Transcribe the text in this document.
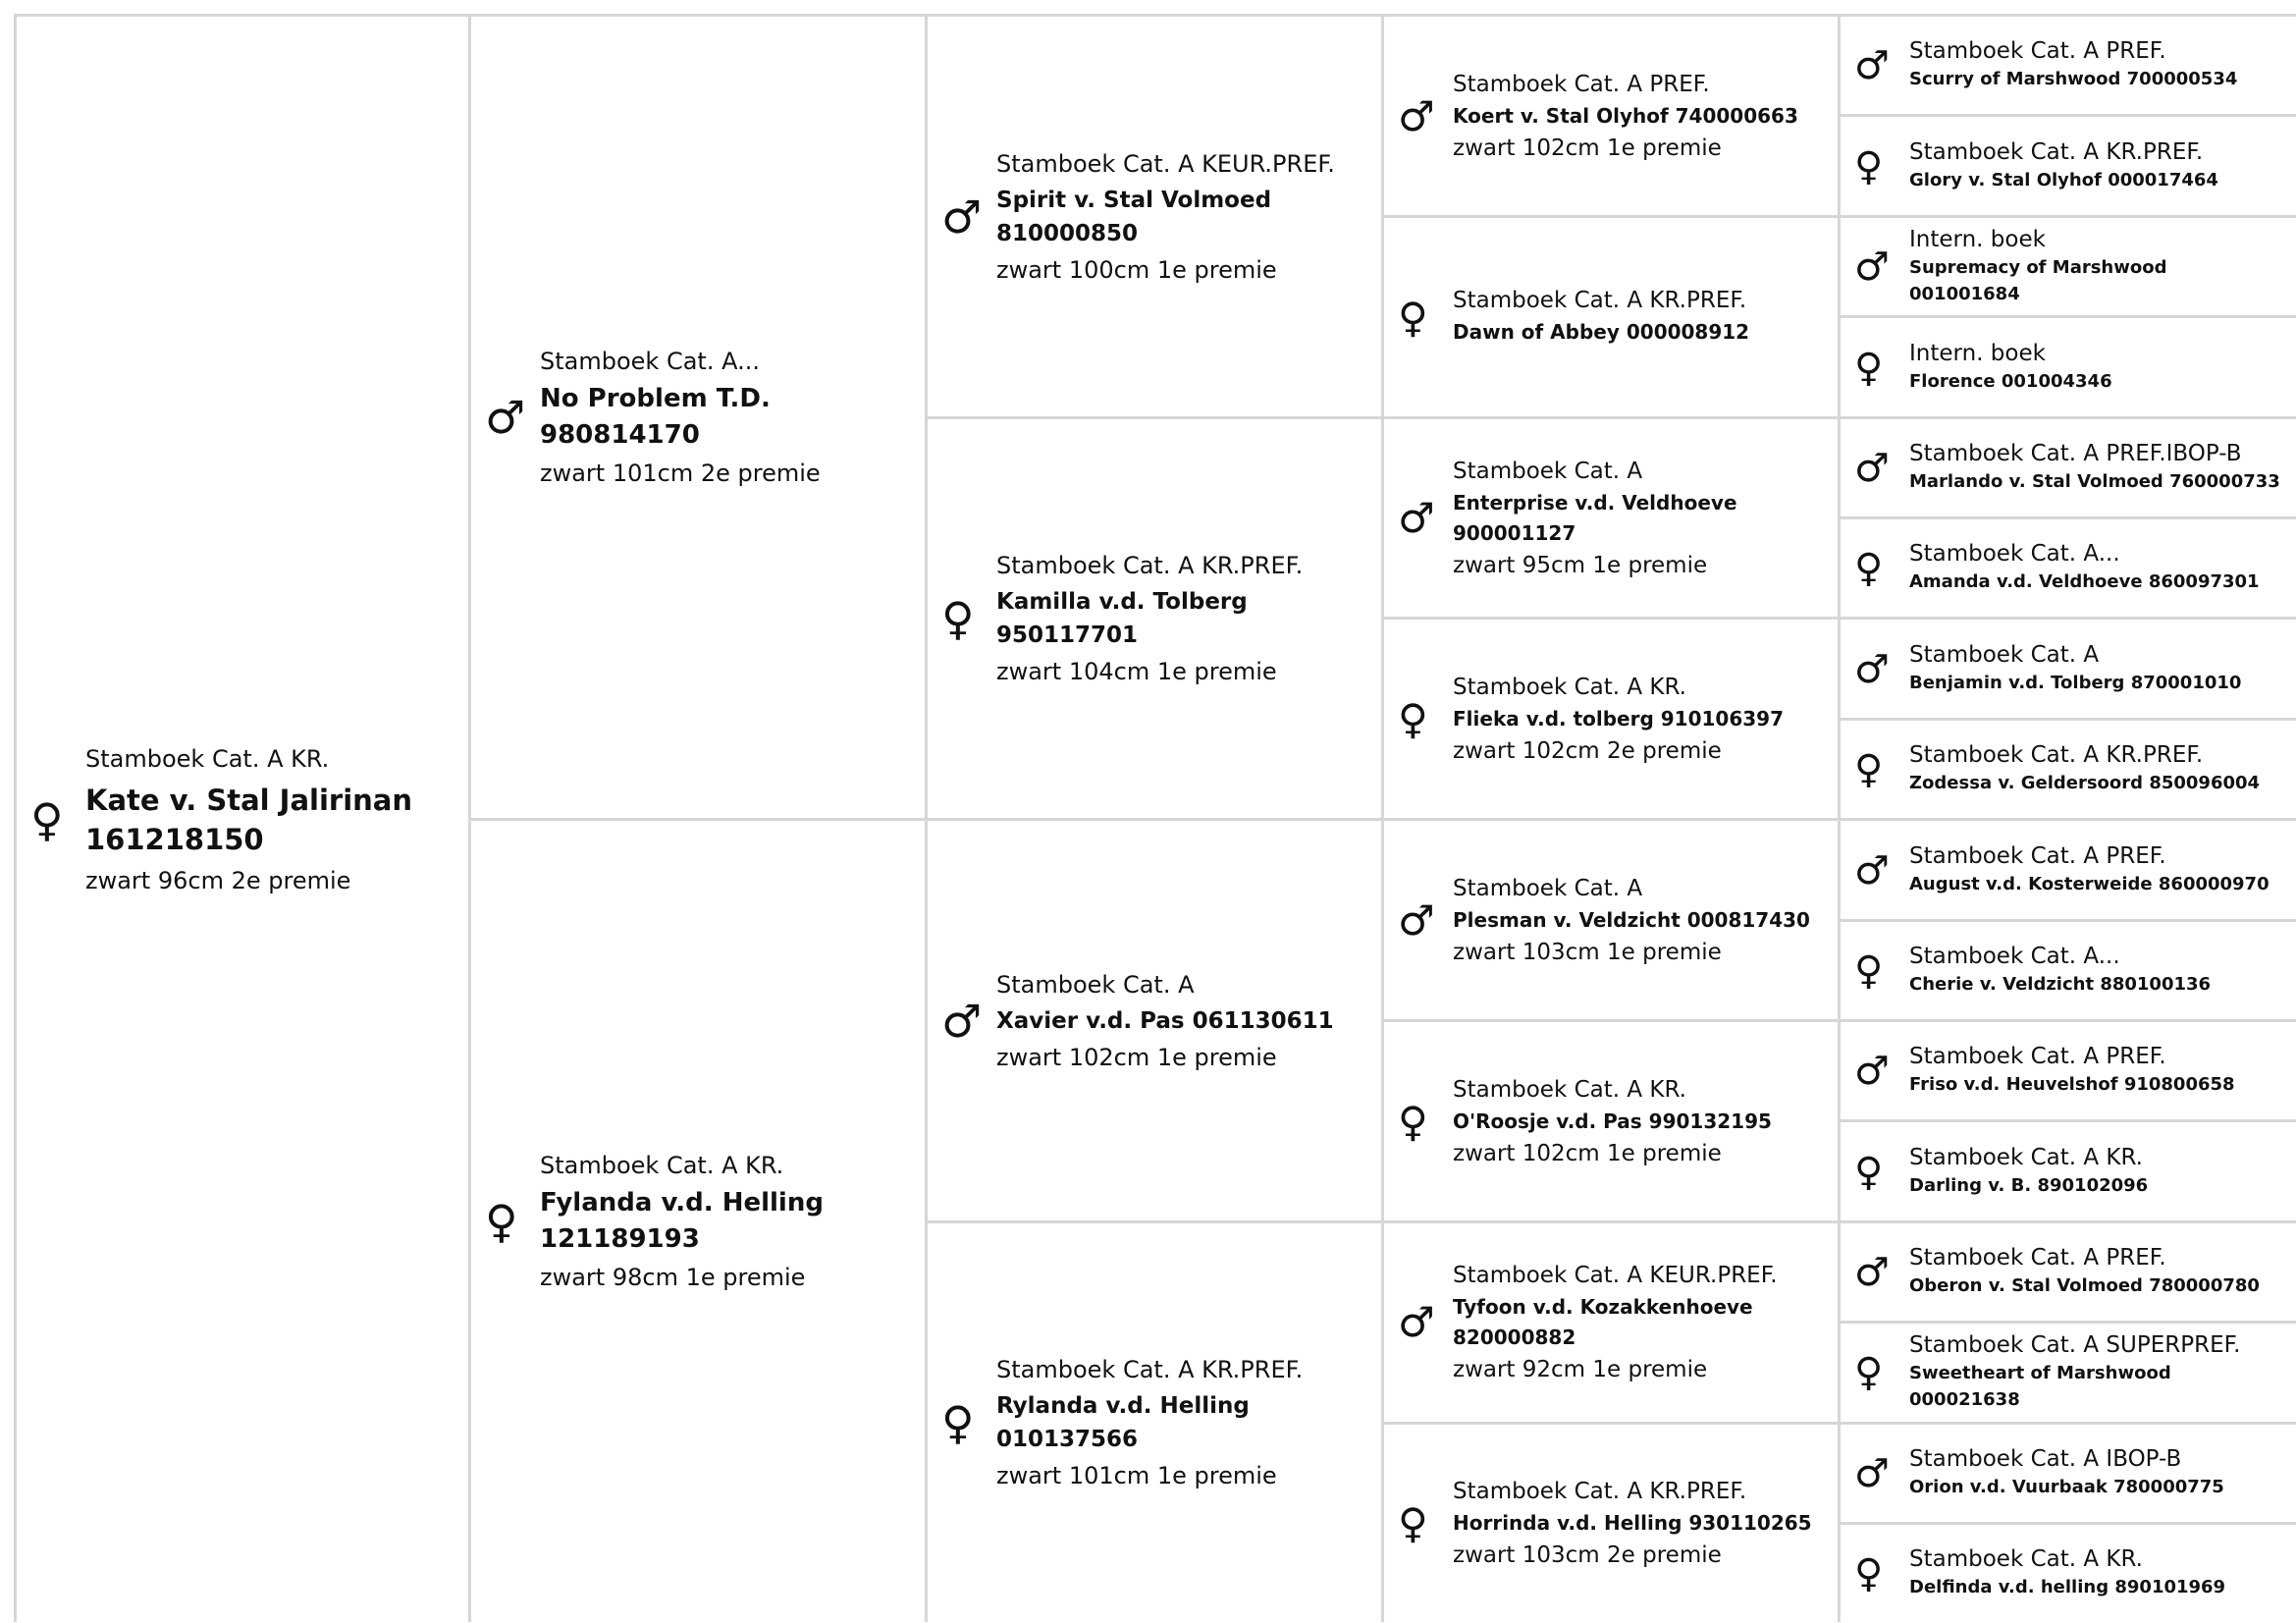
♀
Stamboek Cat. A KR.
Kate v. Stal Jalirinan 161218150
zwart 96cm 2e premie
♂
Stamboek Cat. A...
No Problem T.D. 980814170
zwart 101cm 2e premie
♀
Stamboek Cat. A KR.
Fylanda v.d. Helling 121189193
zwart 98cm 1e premie
♂
Stamboek Cat. A KEUR.PREF.
Spirit v. Stal Volmoed 810000850
zwart 100cm 1e premie
♀
Stamboek Cat. A KR.PREF.
Kamilla v.d. Tolberg 950117701
zwart 104cm 1e premie
♂
Stamboek Cat. A
Xavier v.d. Pas 061130611
zwart 102cm 1e premie
♀
Stamboek Cat. A KR.PREF.
Rylanda v.d. Helling 010137566
zwart 101cm 1e premie
♂
Stamboek Cat. A PREF.
Koert v. Stal Olyhof 740000663
zwart 102cm 1e premie
♀ Stamboek Cat. A KR.PREF.
Dawn of Abbey 000008912
♂
Stamboek Cat. A
Enterprise v.d. Veldhoeve 900001127
zwart 95cm 1e premie
♀
Stamboek Cat. A KR.
Flieka v.d. tolberg 910106397
zwart 102cm 2e premie
♂
Stamboek Cat. A
Plesman v. Veldzicht 000817430
zwart 103cm 1e premie
♀
Stamboek Cat. A KR.
O'Roosje v.d. Pas 990132195
zwart 102cm 1e premie
♂
Stamboek Cat. A KEUR.PREF.
Tyfoon v.d. Kozakkenhoeve 820000882
zwart 92cm 1e premie
♀
Stamboek Cat. A KR.PREF.
Horrinda v.d. Helling 930110265
zwart 103cm 2e premie
♂ Stamboek Cat. A PREF.
Scurry of Marshwood 700000534
♀ Stamboek Cat. A KR.PREF.
Glory v. Stal Olyhof 000017464
♂
Intern. boek
Supremacy of Marshwood 001001684
♀ Intern. boek
Florence 001004346
♂ Stamboek Cat. A PREF.IBOP-B
Marlando v. Stal Volmoed 760000733
♀ Stamboek Cat. A...
Amanda v.d. Veldhoeve 860097301
♂ Stamboek Cat. A
Benjamin v.d. Tolberg 870001010
♀ Stamboek Cat. A KR.PREF.
Zodessa v. Geldersoord 850096004
♂ Stamboek Cat. A PREF.
August v.d. Kosterweide 860000970
♀ Stamboek Cat. A...
Cherie v. Veldzicht 880100136
♂ Stamboek Cat. A PREF.
Friso v.d. Heuvelshof 910800658
♀ Stamboek Cat. A KR.
Darling v. B. 890102096
♂ Stamboek Cat. A PREF.
Oberon v. Stal Volmoed 780000780
♀
Stamboek Cat. A SUPERPREF.
Sweetheart of Marshwood 000021638
♂ Stamboek Cat. A IBOP-B
Orion v.d. Vuurbaak 780000775
♀ Stamboek Cat. A KR.
Delfinda v.d. helling 890101969
